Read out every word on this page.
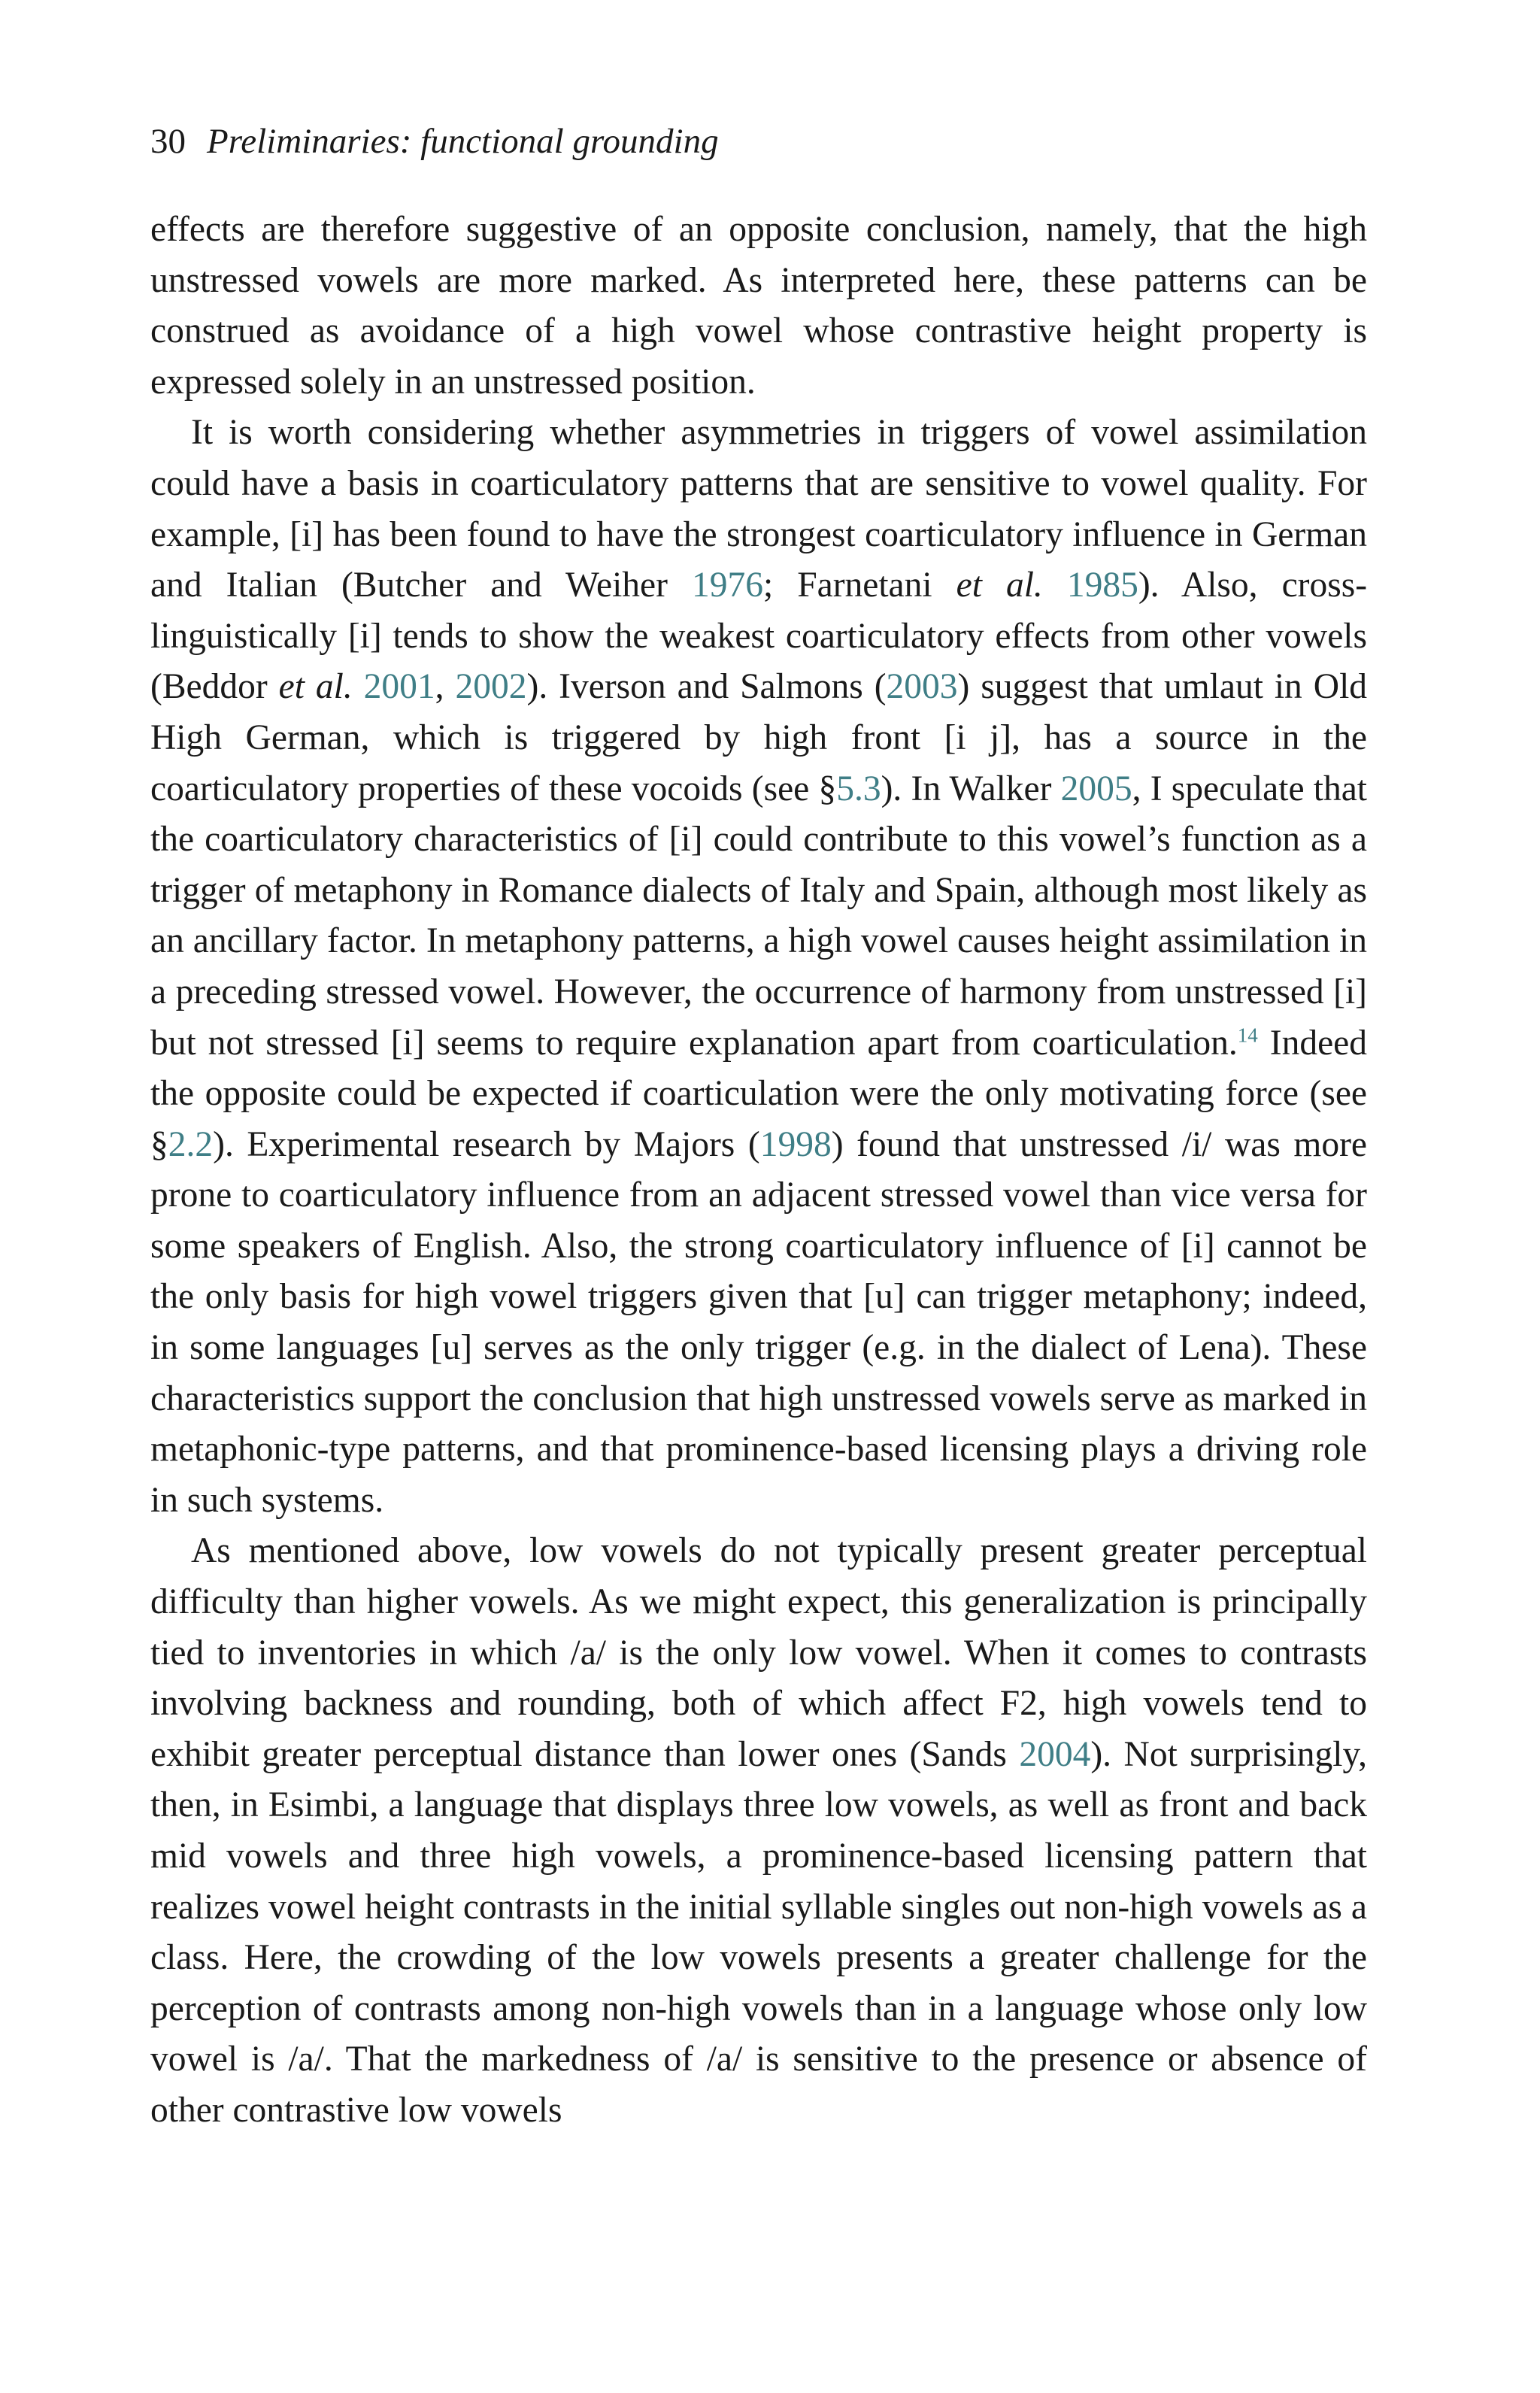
30 Preliminaries: functional grounding

effects are therefore suggestive of an opposite conclusion, namely, that the high unstressed vowels are more marked. As interpreted here, these patterns can be construed as avoidance of a high vowel whose contrastive height property is expressed solely in an unstressed position.

It is worth considering whether asymmetries in triggers of vowel assimilation could have a basis in coarticulatory patterns that are sensitive to vowel quality. For example, [i] has been found to have the strongest coarticulatory influence in German and Italian (Butcher and Weiher 1976; Farnetani et al. 1985). Also, cross-linguistically [i] tends to show the weakest coarticulatory effects from other vowels (Beddor et al. 2001, 2002). Iverson and Salmons (2003) suggest that umlaut in Old High German, which is triggered by high front [i j], has a source in the coarticulatory properties of these vocoids (see §5.3). In Walker 2005, I speculate that the coarticulatory characteristics of [i] could contribute to this vowel’s function as a trigger of metaphony in Romance dialects of Italy and Spain, although most likely as an ancillary factor. In metaphony patterns, a high vowel causes height assimilation in a preceding stressed vowel. However, the occurrence of harmony from unstressed [i] but not stressed [i] seems to require explanation apart from coarticulation.$^{14}$ Indeed the opposite could be expected if coarticulation were the only motivating force (see §2.2). Experimental research by Majors (1998) found that unstressed /i/ was more prone to coarticulatory influence from an adjacent stressed vowel than vice versa for some speakers of English. Also, the strong coarticulatory influence of [i] cannot be the only basis for high vowel triggers given that [u] can trigger metaphony; indeed, in some languages [u] serves as the only trigger (e.g. in the dialect of Lena). These characteristics support the conclusion that high unstressed vowels serve as marked in metaphonic-type patterns, and that prominence-based licensing plays a driving role in such systems.

As mentioned above, low vowels do not typically present greater perceptual difficulty than higher vowels. As we might expect, this generalization is principally tied to inventories in which /a/ is the only low vowel. When it comes to contrasts involving backness and rounding, both of which affect F2, high vowels tend to exhibit greater perceptual distance than lower ones (Sands 2004). Not surprisingly, then, in Esimbi, a language that displays three low vowels, as well as front and back mid vowels and three high vowels, a prominence-based licensing pattern that realizes vowel height contrasts in the initial syllable singles out non-high vowels as a class. Here, the crowding of the low vowels presents a greater challenge for the perception of contrasts among non-high vowels than in a language whose only low vowel is /a/. That the markedness of /a/ is sensitive to the presence or absence of other contrastive low vowels
